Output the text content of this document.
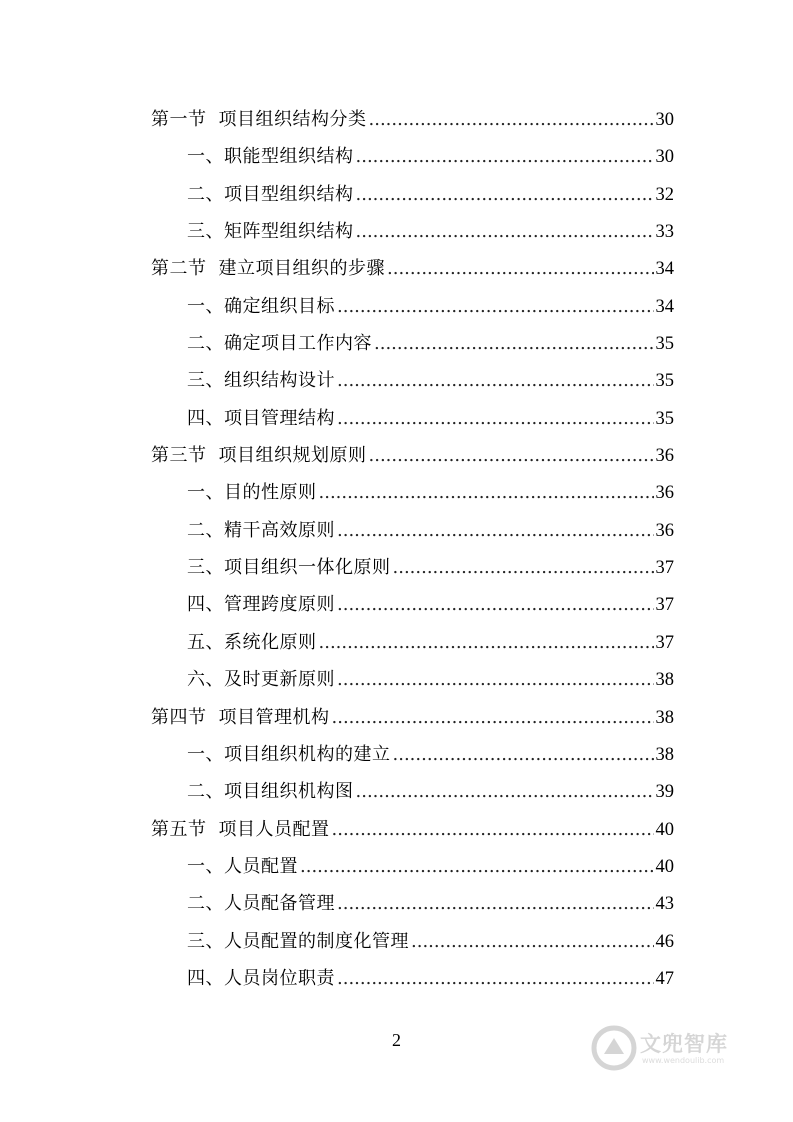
第一节 项目组织结构分类 .....	30
一、职能型组织结构 .....	30
二、项目型组织结构 .....	32
三、矩阵型组织结构 .....	33
第二节 建立项目组织的步骤 .....	34
一、确定组织目标 .....	34
二、确定项目工作内容 .....	35
三、组织结构设计 .....	35
四、项目管理结构 .....	35
第三节 项目组织规划原则 .....	36
一、目的性原则 .....	36
二、精干高效原则 .....	36
三、项目组织一体化原则 .....	37
四、管理跨度原则 .....	37
五、系统化原则 .....	37
六、及时更新原则 .....	38
第四节 项目管理机构 .....	38
一、项目组织机构的建立 .....	38
二、项目组织机构图 .....	39
第五节 项目人员配置 .....	40
一、人员配置 .....	40
二、人员配备管理 .....	43
三、人员配置的制度化管理 .....	46
四、人员岗位职责 .....	47
2	文兜智库
www.wendoulib.com
